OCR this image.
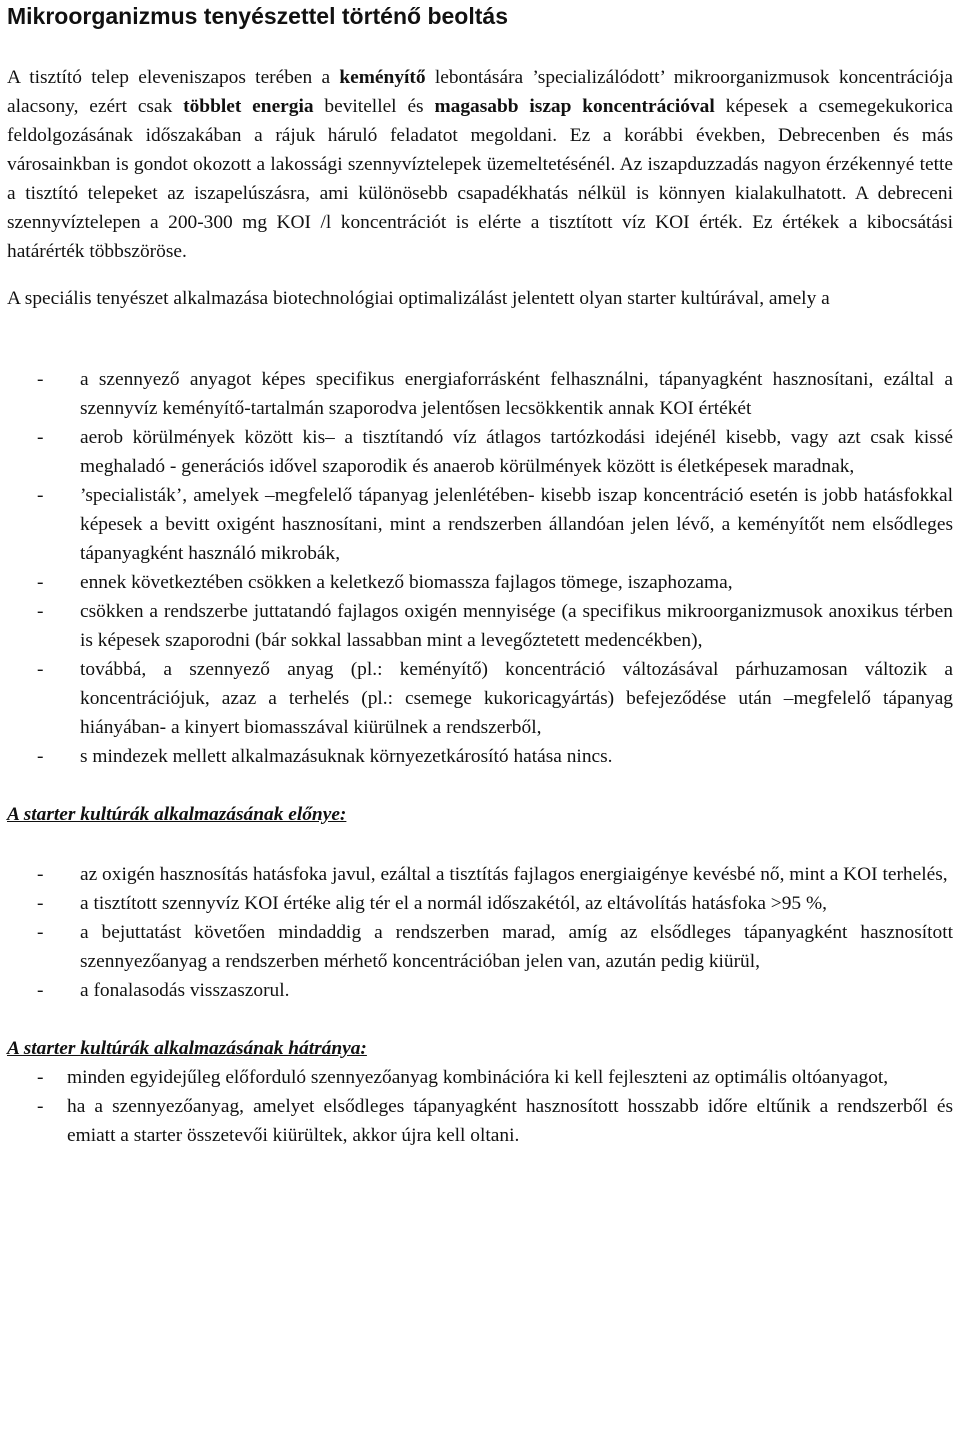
Mikroorganizmus tenyészettel történő beoltás

A tisztító telep eleveniszapos terében a keményítő lebontására ’specializálódott’ mikroorganizmusok koncentrációja alacsony, ezért csak többlet energia bevitellel és magasabb iszap koncentrációval képesek a csemegekukorica feldolgozásának időszakában a rájuk háruló feladatot megoldani. Ez a korábbi években, Debrecenben és más városainkban is gondot okozott a lakossági szennyvíztelepek üzemeltetésénél. Az iszapduzzadás nagyon érzékennyé tette a tisztító telepeket az iszapelúszásra, ami különösebb csapadékhatás nélkül is könnyen kialakulhatott. A debreceni szennyvíztelepen a 200-300 mg KOI /l koncentrációt is elérte a tisztított víz KOI érték. Ez értékek a kibocsátási határérték többszöröse.

A speciális tenyészet alkalmazása biotechnológiai optimalizálást jelentett olyan starter kultúrával, amely a

- a szennyező anyagot képes specifikus energiaforrásként felhasználni, tápanyagként hasznosítani, ezáltal a szennyvíz keményítő-tartalmán szaporodva jelentősen lecsökkentik annak KOI értékét
- aerob körülmények között kis– a tisztítandó víz átlagos tartózkodási idejénél kisebb, vagy azt csak kissé meghaladó - generációs idővel szaporodik és anaerob körülmények között is életképesek maradnak,
- ’specialisták’, amelyek –megfelelő tápanyag jelenlétében- kisebb iszap koncentráció esetén is jobb hatásfokkal képesek a bevitt oxigént hasznosítani, mint a rendszerben állandóan jelen lévő, a keményítőt nem elsődleges tápanyagként használó mikrobák,
- ennek következtében csökken a keletkező biomassza fajlagos tömege, iszaphozama,
- csökken a rendszerbe juttatandó fajlagos oxigén mennyisége (a specifikus mikroorganizmusok anoxikus térben is képesek szaporodni (bár sokkal lassabban mint a levegőztetett medencékben),
- továbbá, a szennyező anyag (pl.: keményítő) koncentráció változásával párhuzamosan változik a koncentrációjuk, azaz a terhelés (pl.: csemege kukoricagyártás) befejeződése után –megfelelő tápanyag hiányában- a kinyert biomasszával kiürülnek a rendszerből,
- s mindezek mellett alkalmazásuknak környezetkárosító hatása nincs.
A starter kultúrák alkalmazásának előnye:
- az oxigén hasznosítás hatásfoka javul, ezáltal a tisztítás fajlagos energiaigénye kevésbé nő, mint a KOI terhelés,
- a tisztított szennyvíz KOI értéke alig tér el a normál időszakétól, az eltávolítás hatásfoka >95 %,
- a bejuttatást követően mindaddig a rendszerben marad, amíg az elsődleges tápanyagként hasznosított szennyezőanyag a rendszerben mérhető koncentrációban jelen van, azután pedig kiürül,
- a fonalasodás visszaszorul.
A starter kultúrák alkalmazásának hátránya:
- minden egyidejűleg előforduló szennyezőanyag kombinációra ki kell fejleszteni az optimális oltóanyagot,
- ha a szennyezőanyag, amelyet elsődleges tápanyagként hasznosított hosszabb időre eltűnik a rendszerből és emiatt a starter összetevői kiürültek, akkor újra kell oltani.
